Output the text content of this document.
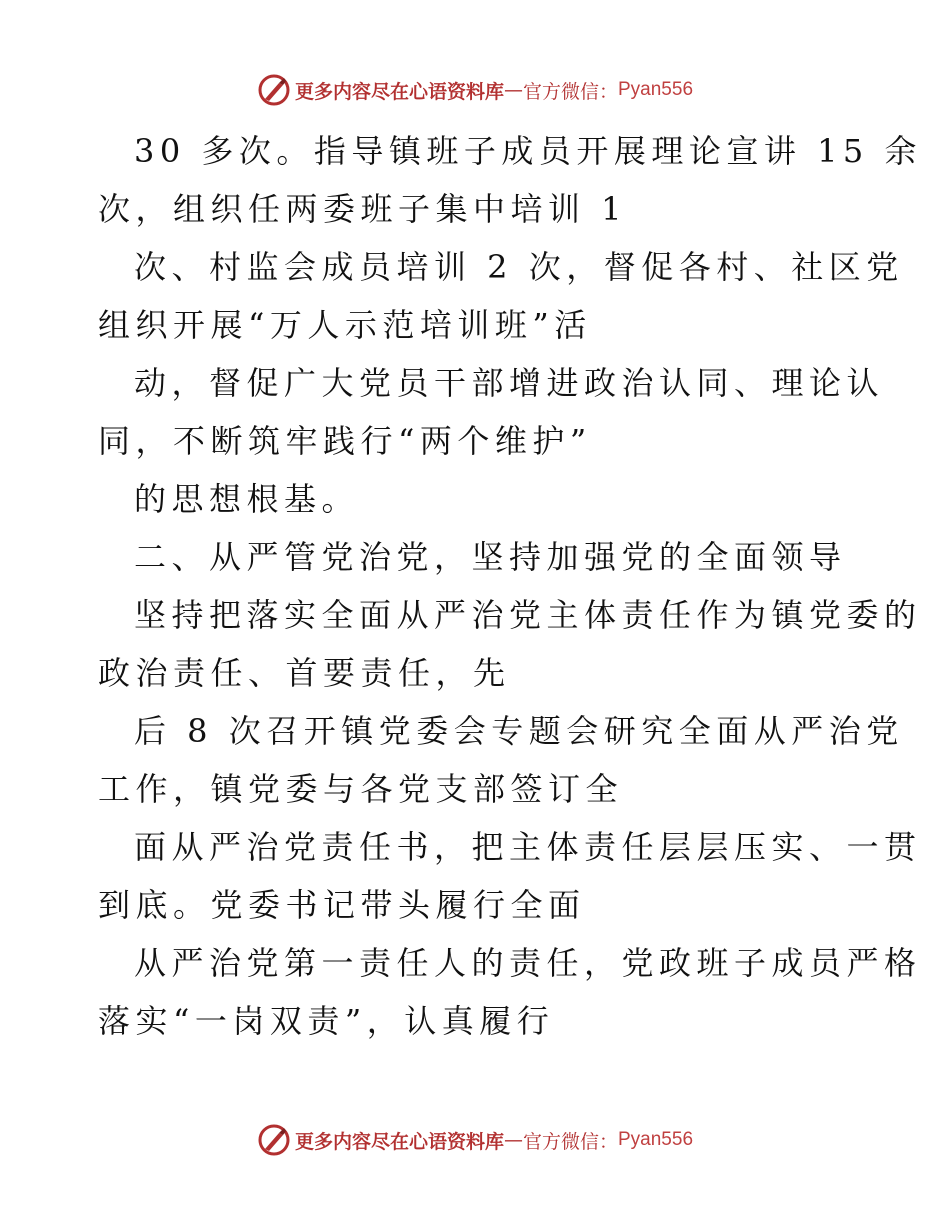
更多内容尽在心语资料库 — 官方微信： Pyan556
30 多次。指导镇班子成员开展理论宣讲 15 余
次，组织任两委班子集中培训 1
次、村监会成员培训 2 次，督促各村、社区党
组织开展“万人示范培训班”活
动，督促广大党员干部增进政治认同、理论认
同，不断筑牢践行“两个维护”
的思想根基。
二、从严管党治党，坚持加强党的全面领导
坚持把落实全面从严治党主体责任作为镇党委的
政治责任、首要责任，先
后 8 次召开镇党委会专题会研究全面从严治党
工作，镇党委与各党支部签订全
面从严治党责任书，把主体责任层层压实、一贯
到底。党委书记带头履行全面
从严治党第一责任人的责任，党政班子成员严格
落实“一岗双责”，认真履行
更多内容尽在心语资料库 — 官方微信： Pyan556
